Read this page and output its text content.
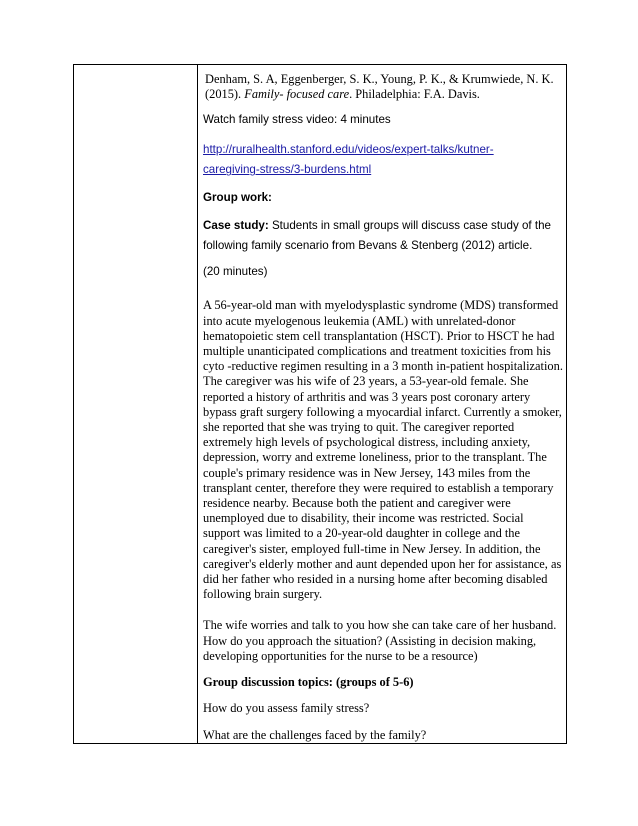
Denham, S. A, Eggenberger, S. K., Young, P. K., & Krumwiede, N. K. (2015). Family- focused care. Philadelphia: F.A. Davis.

Watch family stress video: 4 minutes

http://ruralhealth.stanford.edu/videos/expert-talks/kutner-
caregiving-stress/3-burdens.html

Group work:

Case study: Students in small groups will discuss case study of the following family scenario from Bevans & Stenberg (2012) article.

(20 minutes)

A 56-year-old man with myelodysplastic syndrome (MDS) transformed into acute myelogenous leukemia (AML) with unrelated-donor hematopoietic stem cell transplantation (HSCT). Prior to HSCT he had multiple unanticipated complications and treatment toxicities from his cyto -reductive regimen resulting in a 3 month in-patient hospitalization. The caregiver was his wife of 23 years, a 53-year-old female. She reported a history of arthritis and was 3 years post coronary artery bypass graft surgery following a myocardial infarct. Currently a smoker, she reported that she was trying to quit. The caregiver reported extremely high levels of psychological distress, including anxiety, depression, worry and extreme loneliness, prior to the transplant. The couple's primary residence was in New Jersey, 143 miles from the transplant center, therefore they were required to establish a temporary residence nearby. Because both the patient and caregiver were unemployed due to disability, their income was restricted. Social support was limited to a 20-year-old daughter in college and the caregiver's sister, employed full-time in New Jersey. In addition, the caregiver's elderly mother and aunt depended upon her for assistance, as did her father who resided in a nursing home after becoming disabled following brain surgery.

The wife worries and talk to you how she can take care of her husband. How do you approach the situation? (Assisting in decision making, developing opportunities for the nurse to be a resource)

Group discussion topics: (groups of 5-6)

How do you assess family stress?

What are the challenges faced by the family?
